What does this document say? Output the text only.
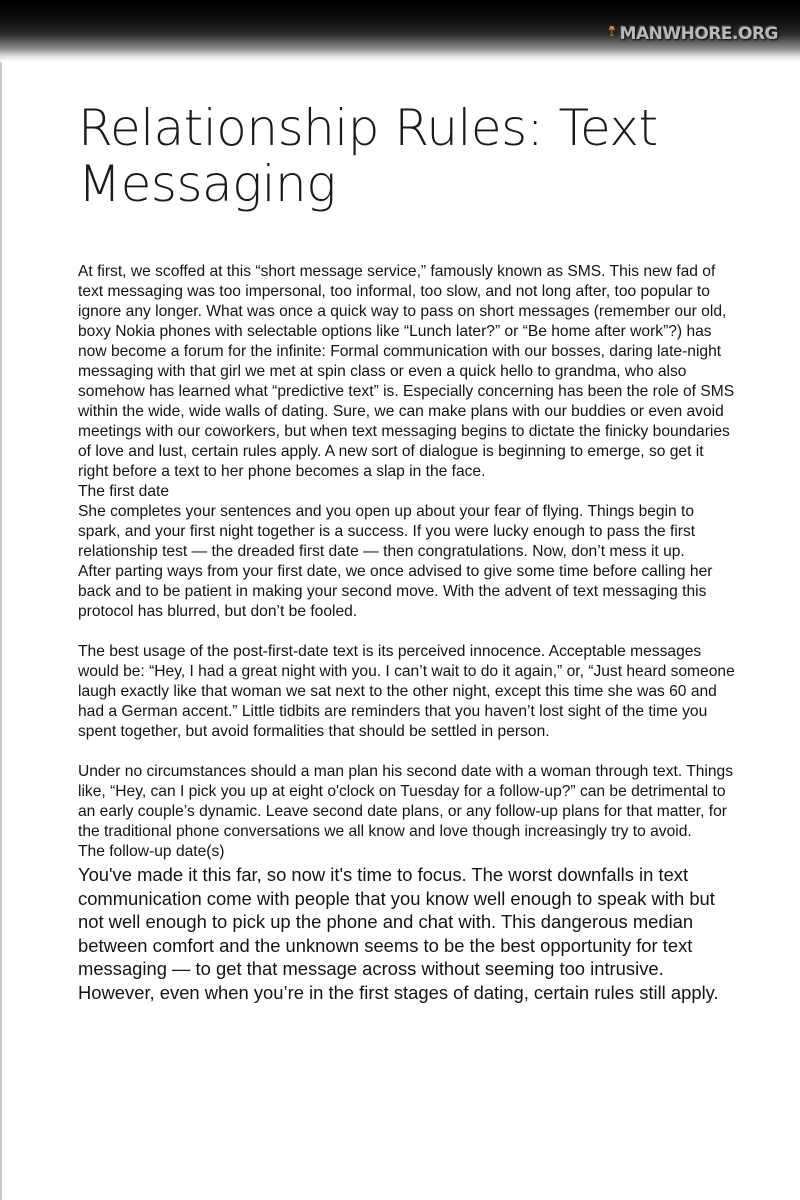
MANWHORE.ORG
Relationship Rules: Text Messaging

At first, we scoffed at this “short message service,” famously known as SMS. This new fad of text messaging was too impersonal, too informal, too slow, and not long after, too popular to ignore any longer. What was once a quick way to pass on short messages (remember our old, boxy Nokia phones with selectable options like “Lunch later?” or “Be home after work”?) has now become a forum for the infinite: Formal communication with our bosses, daring late-night messaging with that girl we met at spin class or even a quick hello to grandma, who also somehow has learned what “predictive text” is. Especially concerning has been the role of SMS within the wide, wide walls of dating. Sure, we can make plans with our buddies or even avoid meetings with our coworkers, but when text messaging begins to dictate the finicky boundaries of love and lust, certain rules apply. A new sort of dialogue is beginning to emerge, so get it right before a text to her phone becomes a slap in the face.

The first date

She completes your sentences and you open up about your fear of flying. Things begin to spark, and your first night together is a success. If you were lucky enough to pass the first relationship test — the dreaded first date — then congratulations. Now, don’t mess it up.

After parting ways from your first date, we once advised to give some time before calling her back and to be patient in making your second move. With the advent of text messaging this protocol has blurred, but don’t be fooled.

The best usage of the post-first-date text is its perceived innocence. Acceptable messages would be: “Hey, I had a great night with you. I can’t wait to do it again,” or, “Just heard someone laugh exactly like that woman we sat next to the other night, except this time she was 60 and had a German accent.” Little tidbits are reminders that you haven’t lost sight of the time you spent together, but avoid formalities that should be settled in person.

Under no circumstances should a man plan his second date with a woman through text. Things like, “Hey, can I pick you up at eight o'clock on Tuesday for a follow-up?” can be detrimental to an early couple’s dynamic. Leave second date plans, or any follow-up plans for that matter, for the traditional phone conversations we all know and love though increasingly try to avoid.

The follow-up date(s)

You've made it this far, so now it's time to focus. The worst downfalls in text communication come with people that you know well enough to speak with but not well enough to pick up the phone and chat with. This dangerous median between comfort and the unknown seems to be the best opportunity for text messaging — to get that message across without seeming too intrusive. However, even when you’re in the first stages of dating, certain rules still apply.
